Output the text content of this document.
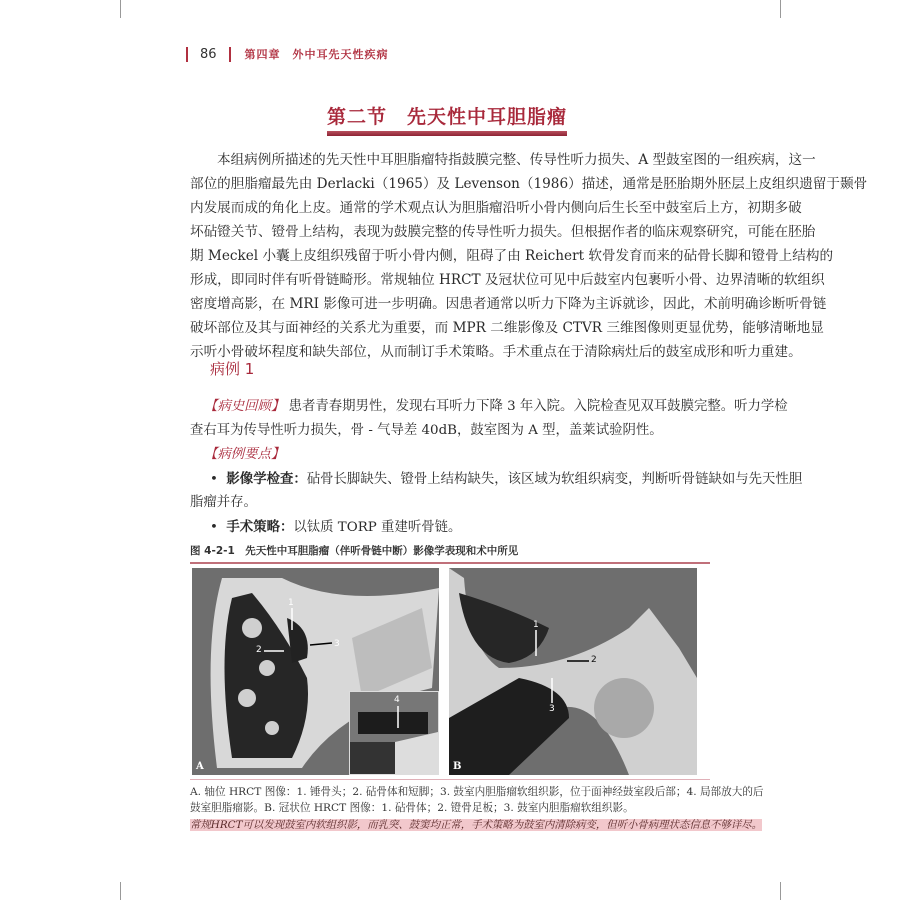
86	第四章　外中耳先天性疾病
第二节　先天性中耳胆脂瘤
本组病例所描述的先天性中耳胆脂瘤特指鼓膜完整、传导性听力损失、A 型鼓室图的一组疾病，这一
部位的胆脂瘤最先由 Derlacki（1965）及 Levenson（1986）描述，通常是胚胎期外胚层上皮组织遗留于颞骨
内发展而成的角化上皮。通常的学术观点认为胆脂瘤沿听小骨内侧向后生长至中鼓室后上方，初期多破
坏砧镫关节、镫骨上结构，表现为鼓膜完整的传导性听力损失。但根据作者的临床观察研究，可能在胚胎
期 Meckel 小囊上皮组织残留于听小骨内侧，阻碍了由 Reichert 软骨发育而来的砧骨长脚和镫骨上结构的
形成，即同时伴有听骨链畸形。常规轴位 HRCT 及冠状位可见中后鼓室内包裹听小骨、边界清晰的软组织
密度增高影，在 MRI 影像可进一步明确。因患者通常以听力下降为主诉就诊，因此，术前明确诊断听骨链
破坏部位及其与面神经的关系尤为重要，而 MPR 二维影像及 CTVR 三维图像则更显优势，能够清晰地显
示听小骨破坏程度和缺失部位，从而制订手术策略。手术重点在于清除病灶后的鼓室成形和听力重建。
病例 1
【病史回顾】 患者青春期男性，发现右耳听力下降 3 年入院。入院检查见双耳鼓膜完整。听力学检
查右耳为传导性听力损失，骨 - 气导差 40dB，鼓室图为 A 型，盖莱试验阴性。
【病例要点】
• 影像学检查：砧骨长脚缺失、镫骨上结构缺失，该区域为软组织病变，判断听骨链缺如与先天性胆
脂瘤并存。
• 手术策略：以钛质 TORP 重建听骨链。
图 4-2-1　先天性中耳胆脂瘤（伴听骨链中断）影像学表现和术中所见
1
2
3
4
A
1
2
3
B
A. 轴位 HRCT 图像：1. 锤骨头；2. 砧骨体和短脚；3. 鼓室内胆脂瘤软组织影，位于面神经鼓室段后部；4. 局部放大的后
鼓室胆脂瘤影。B. 冠状位 HRCT 图像：1. 砧骨体；2. 镫骨足板；3. 鼓室内胆脂瘤软组织影。
常规HRCT可以发现鼓室内软组织影，而乳突、鼓窦均正常，手术策略为鼓室内清除病变，但听小骨病理状态信息不够详尽。
